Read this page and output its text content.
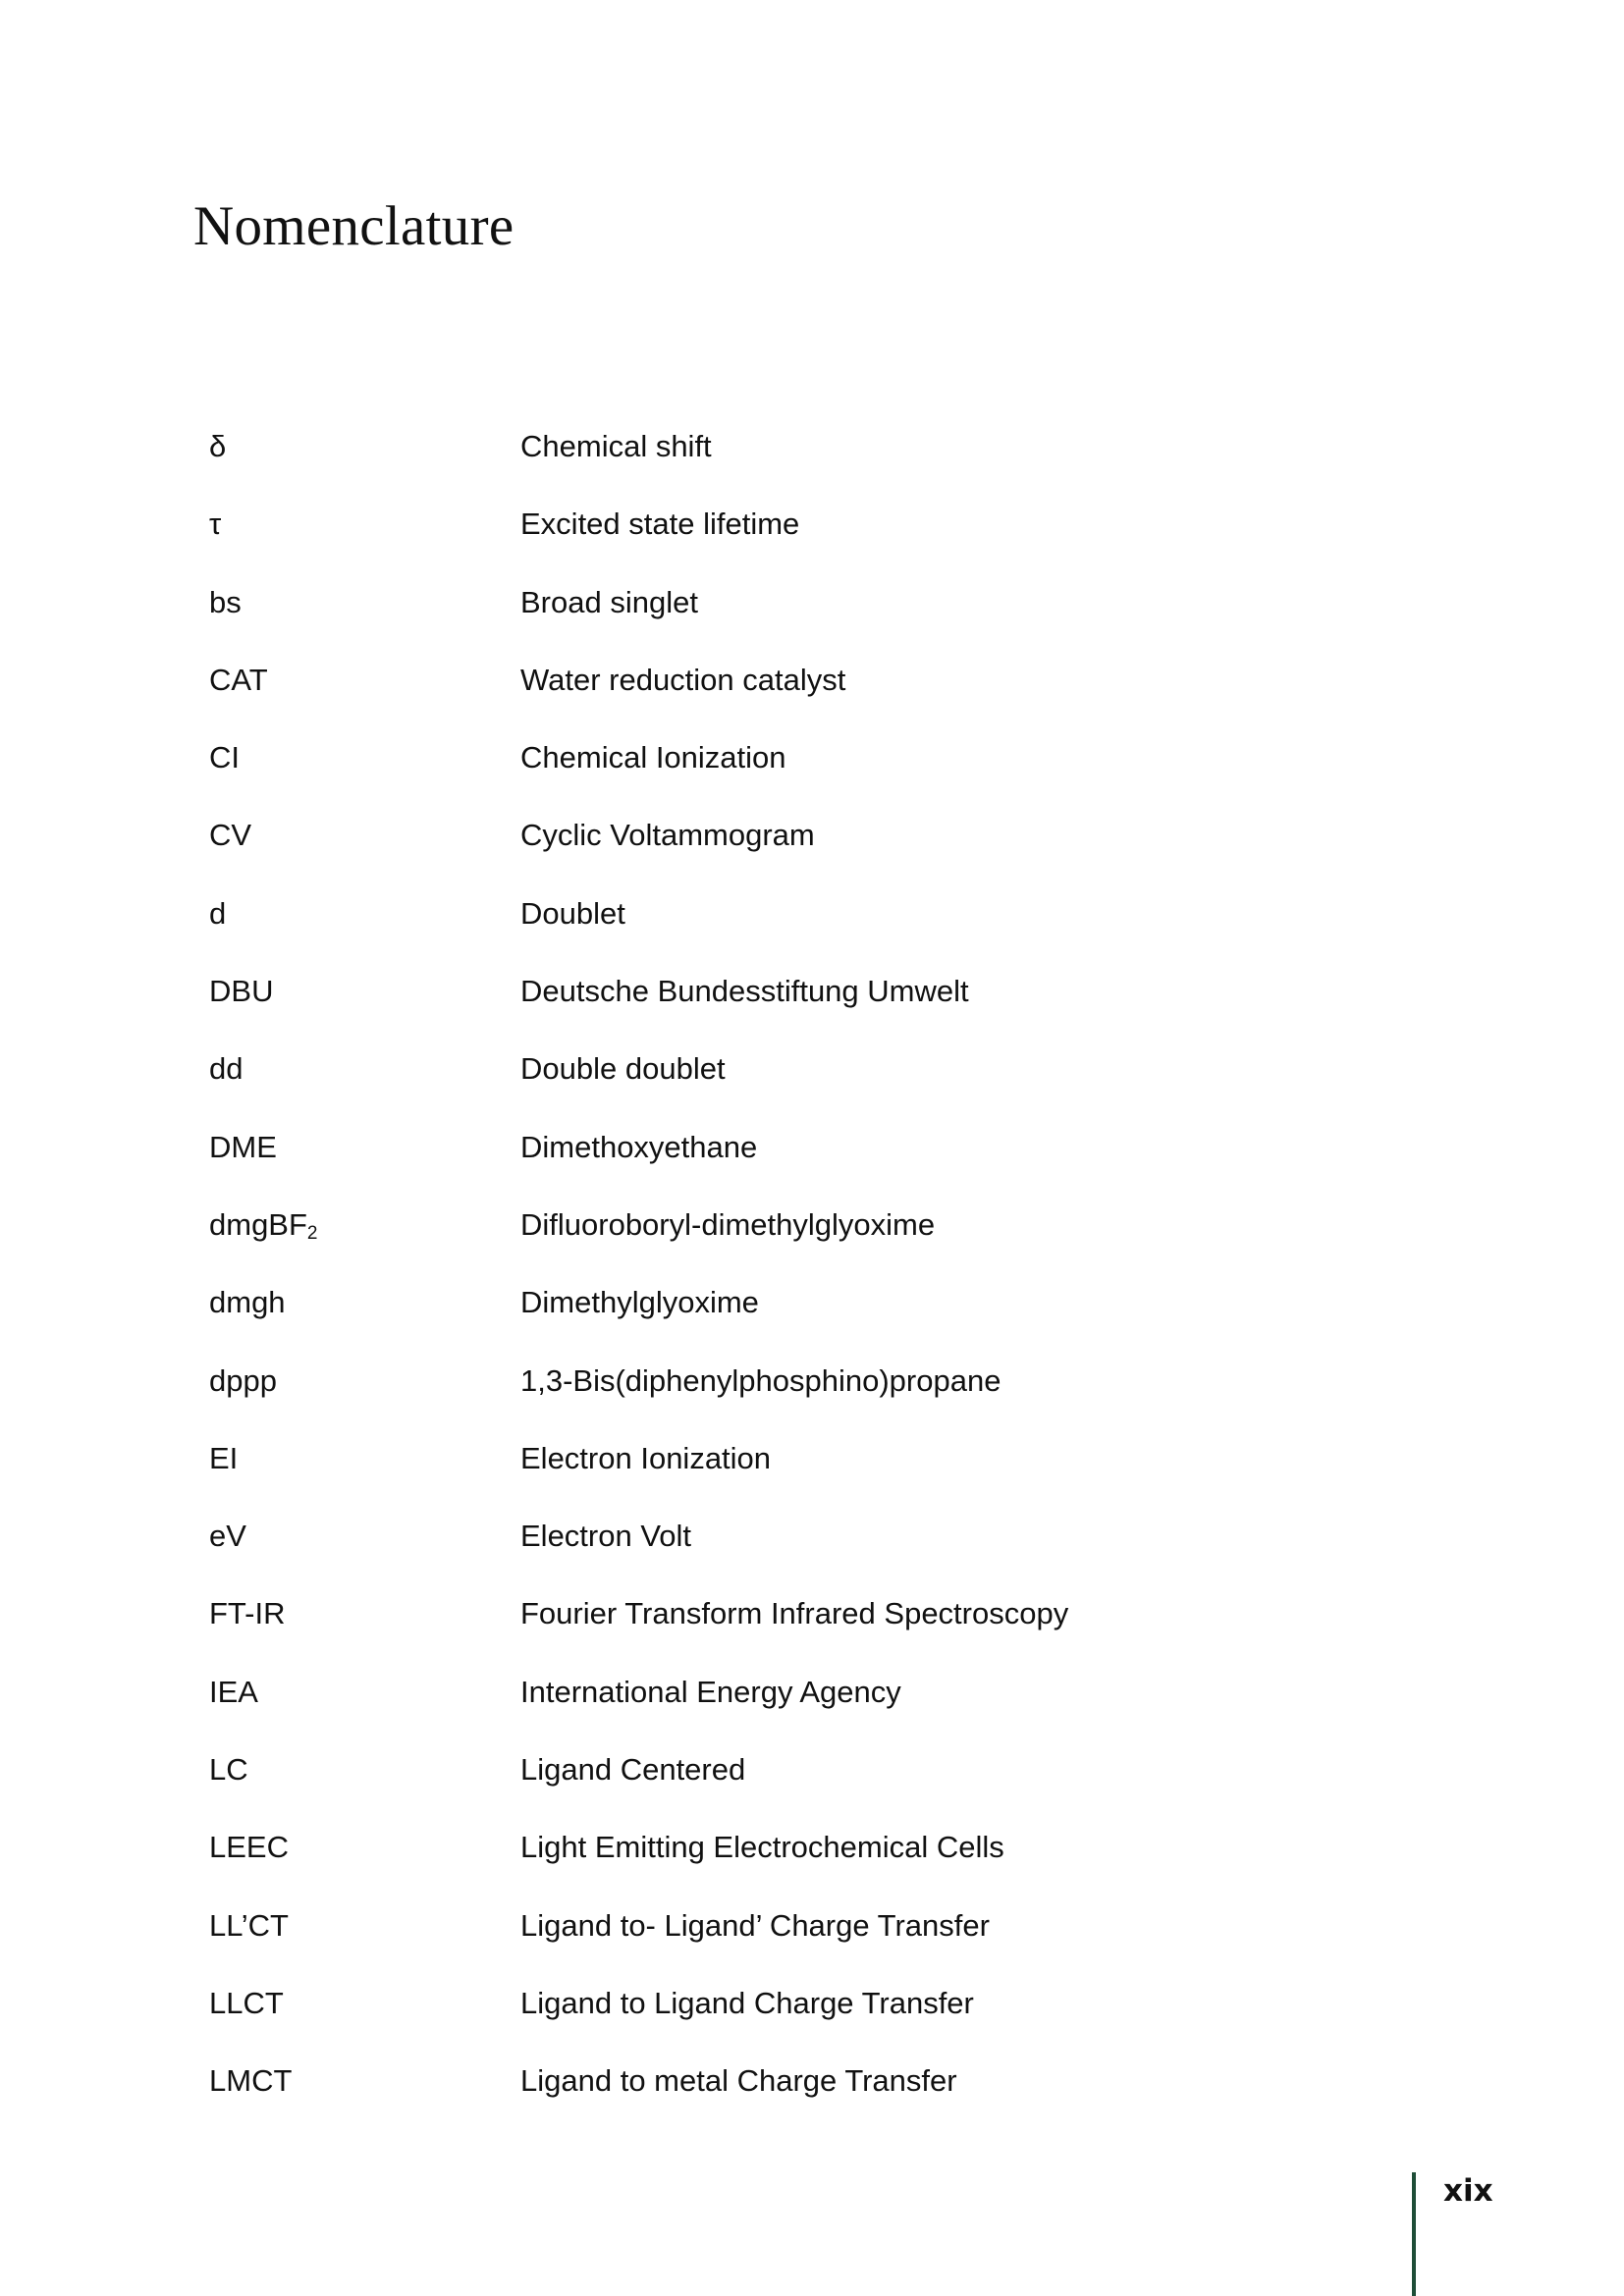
Nomenclature
δ	Chemical shift
τ	Excited state lifetime
bs	Broad singlet
CAT	Water reduction catalyst
CI	Chemical Ionization
CV	Cyclic Voltammogram
d	Doublet
DBU	Deutsche Bundesstiftung Umwelt
dd	Double doublet
DME	Dimethoxyethane
dmgBF$_2$	Difluoroboryl-dimethylglyoxime
dmgh	Dimethylglyoxime
dppp	1,3-Bis(diphenylphosphino)propane
EI	Electron Ionization
eV	Electron Volt
FT-IR	Fourier Transform Infrared Spectroscopy
IEA	International Energy Agency
LC	Ligand Centered
LEEC	Light Emitting Electrochemical Cells
LL’CT	Ligand to- Ligand’ Charge Transfer
LLCT	Ligand to Ligand Charge Transfer
LMCT	Ligand to metal Charge Transfer
xix
